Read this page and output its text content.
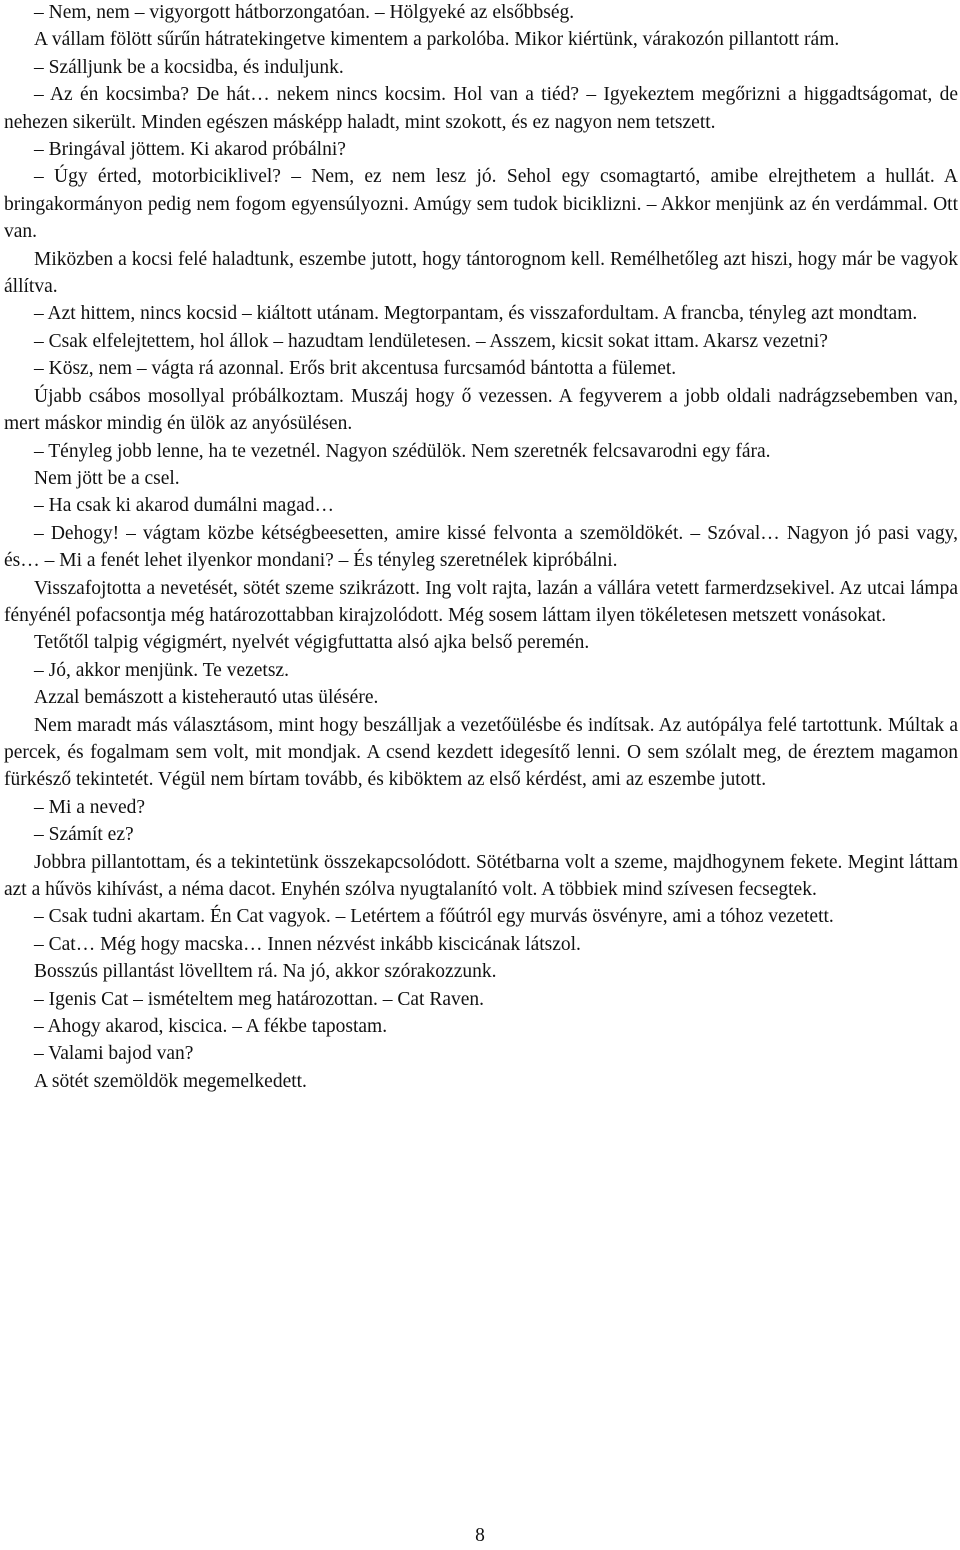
– Nem, nem – vigyorgott hátborzongatóan. – Hölgyeké az elsőbbség.

A vállam fölött sűrűn hátratekingetve kimentem a parkolóba. Mikor kiértünk, várakozón pillantott rám.

– Szálljunk be a kocsidba, és induljunk.

– Az én kocsimba? De hát… nekem nincs kocsim. Hol van a tiéd? – Igyekeztem megőrizni a higgadtságomat, de nehezen sikerült. Minden egészen másképp haladt, mint szokott, és ez nagyon nem tetszett.

– Bringával jöttem. Ki akarod próbálni?

– Úgy érted, motorbiciklivel? – Nem, ez nem lesz jó. Sehol egy csomagtartó, amibe elrejthetem a hullát. A bringakormányon pedig nem fogom egyensúlyozni. Amúgy sem tudok biciklizni. – Akkor menjünk az én verdámmal. Ott van.

Miközben a kocsi felé haladtunk, eszembe jutott, hogy tántorognom kell. Remélhetőleg azt hiszi, hogy már be vagyok állítva.

– Azt hittem, nincs kocsid – kiáltott utánam. Megtorpantam, és visszafordultam. A francba, tényleg azt mondtam.

– Csak elfelejtettem, hol állok – hazudtam lendületesen. – Asszem, kicsit sokat ittam. Akarsz vezetni?

– Kösz, nem – vágta rá azonnal. Erős brit akcentusa furcsamód bántotta a fülemet.

Újabb csábos mosollyal próbálkoztam. Muszáj hogy ő vezessen. A fegyverem a jobb oldali nadrágzsebemben van, mert máskor mindig én ülök az anyósülésen.

– Tényleg jobb lenne, ha te vezetnél. Nagyon szédülök. Nem szeretnék felcsavarodni egy fára.

Nem jött be a csel.

– Ha csak ki akarod dumálni magad…

– Dehogy! – vágtam közbe kétségbeesetten, amire kissé felvonta a szemöldökét. – Szóval… Nagyon jó pasi vagy, és… – Mi a fenét lehet ilyenkor mondani? – És tényleg szeretnélek kipróbálni.

Visszafojtotta a nevetését, sötét szeme szikrázott. Ing volt rajta, lazán a vállára vetett farmerdzsekivel. Az utcai lámpa fényénél pofacsontja még határozottabban kirajzolódott. Még sosem láttam ilyen tökéletesen metszett vonásokat.

Tetőtől talpig végigmért, nyelvét végigfuttatta alsó ajka belső peremén.

– Jó, akkor menjünk. Te vezetsz.

Azzal bemászott a kisteherautó utas ülésére.

Nem maradt más választásom, mint hogy beszálljak a vezetőülésbe és indítsak. Az autópálya felé tartottunk. Múltak a percek, és fogalmam sem volt, mit mondjak. A csend kezdett idegesítő lenni. O sem szólalt meg, de éreztem magamon fürkésző tekintetét. Végül nem bírtam tovább, és kiböktem az első kérdést, ami az eszembe jutott.

– Mi a neved?

– Számít ez?

Jobbra pillantottam, és a tekintetünk összekapcsolódott. Sötétbarna volt a szeme, majdhogynem fekete. Megint láttam azt a hűvös kihívást, a néma dacot. Enyhén szólva nyugtalanító volt. A többiek mind szívesen fecsegtek.

– Csak tudni akartam. Én Cat vagyok. – Letértem a főútról egy murvás ösvényre, ami a tóhoz vezetett.

– Cat… Még hogy macska… Innen nézvést inkább kiscicának látszol.

Bosszús pillantást lövelltem rá. Na jó, akkor szórakozzunk.

– Igenis Cat – ismételtem meg határozottan. – Cat Raven.

– Ahogy akarod, kiscica. – A fékbe tapostam.

– Valami bajod van?

A sötét szemöldök megemelkedett.

8
